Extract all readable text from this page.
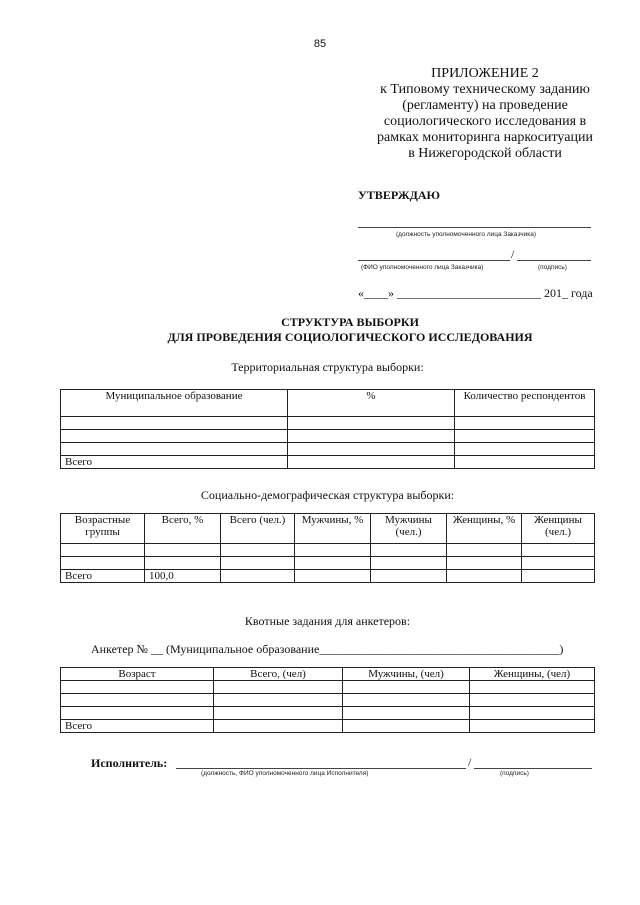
85
ПРИЛОЖЕНИЕ 2
к Типовому техническому заданию
(регламенту) на проведение
социологического исследования в
рамках мониторинга наркоситуации
в Нижегородской области
УТВЕРЖДАЮ
(должность уполномоченного лица Заказчика)
/
(ФИО уполномоченного лица Заказчика)	(подпись)
«____» ________________________ 201_ года
СТРУКТУРА ВЫБОРКИ
ДЛЯ ПРОВЕДЕНИЯ СОЦИОЛОГИЧЕСКОГО ИССЛЕДОВАНИЯ
Территориальная структура выборки:
Муниципальное образование	%	Количество респондентов

Всего		
Социально-демографическая структура выборки:
Возрастные группы	Всего, %	Всего (чел.)	Мужчины, %	Мужчины (чел.)	Женщины, %	Женщины (чел.)

Всего	100,0					
Квотные задания для анкетеров:
Анкетер № __ (Муниципальное образование________________________________________)
Возраст	Всего, (чел)	Мужчины, (чел)	Женщины, (чел)

Всего			
Исполнитель:	/
(должность, ФИО уполномоченного лица Исполнителя)	(подпись)
